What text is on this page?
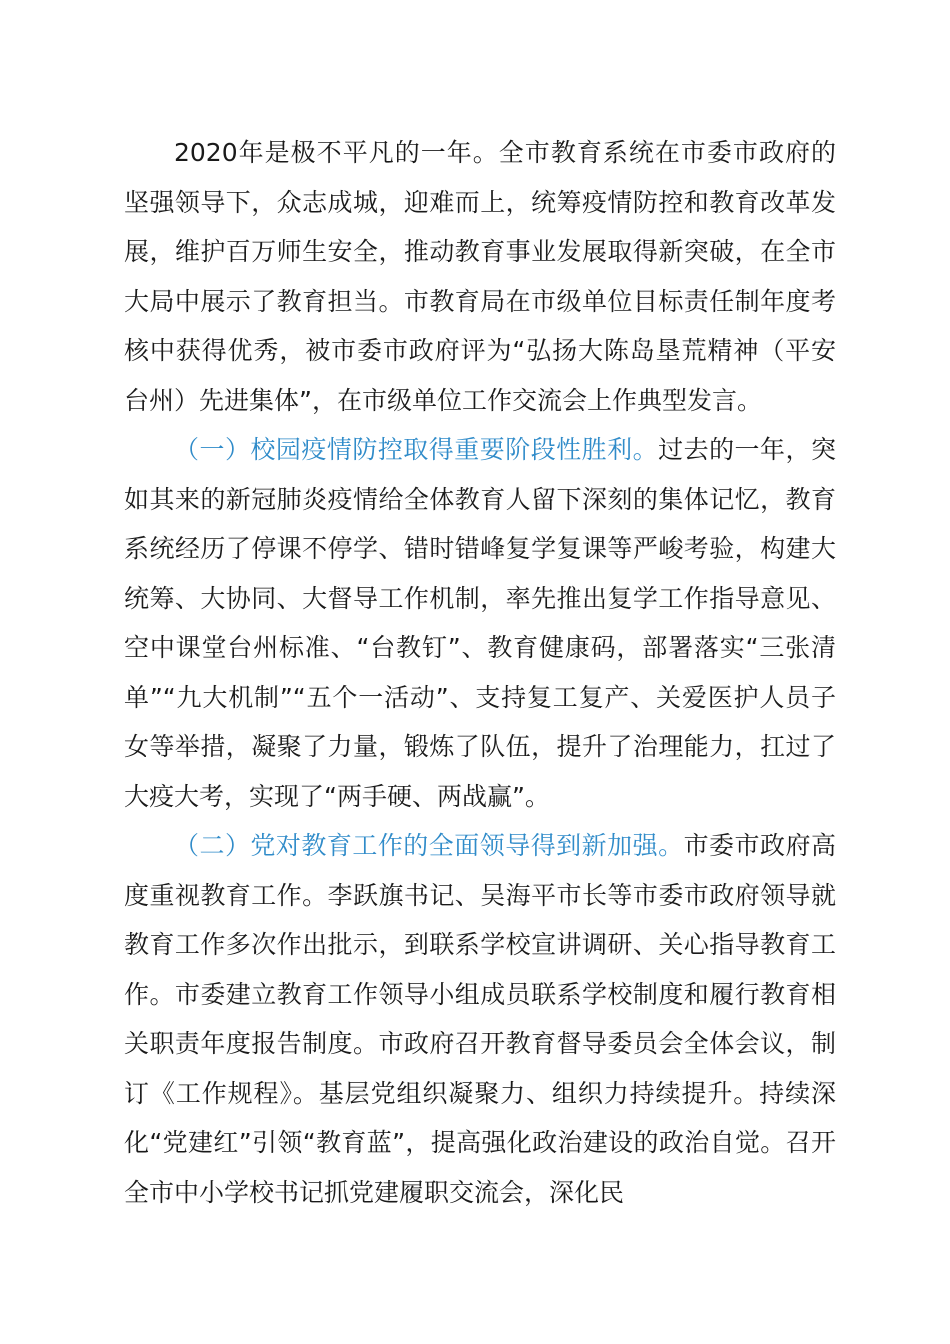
2020年是极不平凡的一年。全市教育系统在市委市政府的坚强领导下，众志成城，迎难而上，统筹疫情防控和教育改革发展，维护百万师生安全，推动教育事业发展取得新突破，在全市大局中展示了教育担当。市教育局在市级单位目标责任制年度考核中获得优秀，被市委市政府评为“弘扬大陈岛垦荒精神（平安台州）先进集体”，在市级单位工作交流会上作典型发言。

（一）校园疫情防控取得重要阶段性胜利。过去的一年，突如其来的新冠肺炎疫情给全体教育人留下深刻的集体记忆，教育系统经历了停课不停学、错时错峰复学复课等严峻考验，构建大统筹、大协同、大督导工作机制，率先推出复学工作指导意见、空中课堂台州标准、“台教钉”、教育健康码，部署落实“三张清单”“九大机制”“五个一活动”、支持复工复产、关爱医护人员子女等举措，凝聚了力量，锻炼了队伍，提升了治理能力，扛过了大疫大考，实现了“两手硬、两战赢”。

（二）党对教育工作的全面领导得到新加强。市委市政府高度重视教育工作。李跃旗书记、吴海平市长等市委市政府领导就教育工作多次作出批示，到联系学校宣讲调研、关心指导教育工作。市委建立教育工作领导小组成员联系学校制度和履行教育相关职责年度报告制度。市政府召开教育督导委员会全体会议，制订《工作规程》。基层党组织凝聚力、组织力持续提升。持续深化“党建红”引领“教育蓝”，提高强化政治建设的政治自觉。召开全市中小学校书记抓党建履职交流会，深化民
